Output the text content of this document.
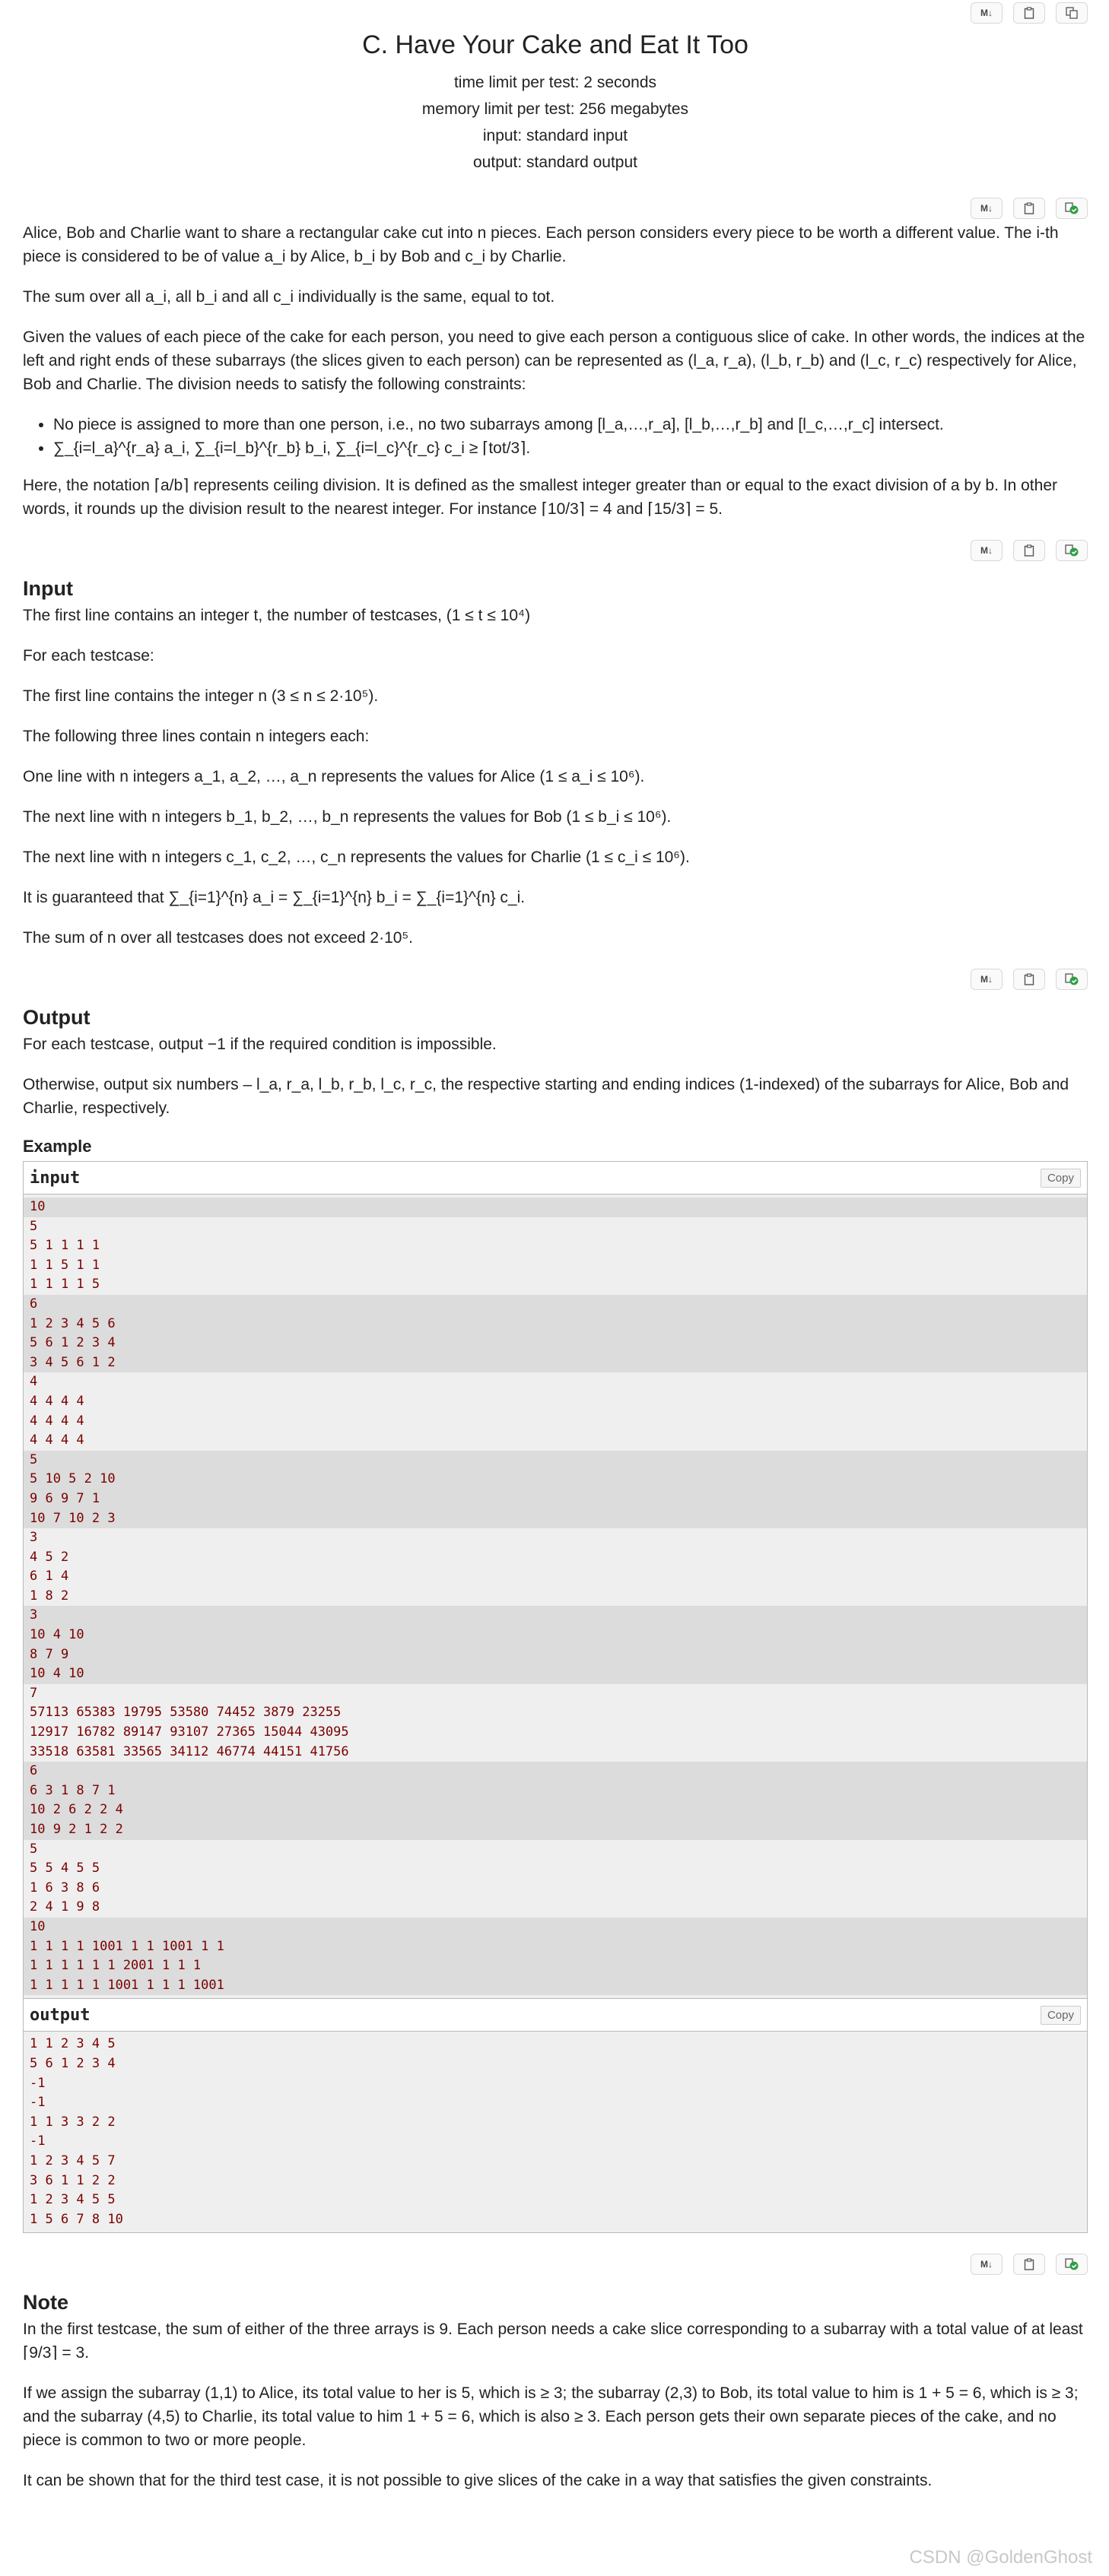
M↓
C. Have Your Cake and Eat It Too
time limit per test: 2 seconds
memory limit per test: 256 megabytes
input: standard input
output: standard output
M↓

Alice, Bob and Charlie want to share a rectangular cake cut into n pieces. Each person considers every piece to be worth a different value. The i-th piece is considered to be of value a_i by Alice, b_i by Bob and c_i by Charlie.

The sum over all a_i, all b_i and all c_i individually is the same, equal to tot.

Given the values of each piece of the cake for each person, you need to give each person a contiguous slice of cake. In other words, the indices at the left and right ends of these subarrays (the slices given to each person) can be represented as (l_a, r_a), (l_b, r_b) and (l_c, r_c) respectively for Alice, Bob and Charlie. The division needs to satisfy the following constraints:

• No piece is assigned to more than one person, i.e., no two subarrays among [l_a,…,r_a], [l_b,…,r_b] and [l_c,…,r_c] intersect.
• ∑_{i=l_a}^{r_a} a_i, ∑_{i=l_b}^{r_b} b_i, ∑_{i=l_c}^{r_c} c_i ≥ ⌈tot/3⌉.

Here, the notation ⌈a/b⌉ represents ceiling division. It is defined as the smallest integer greater than or equal to the exact division of a by b. In other words, it rounds up the division result to the nearest integer. For instance ⌈10/3⌉ = 4 and ⌈15/3⌉ = 5.

M↓
Input

The first line contains an integer t, the number of testcases, (1 ≤ t ≤ 10⁴)

For each testcase:

The first line contains the integer n (3 ≤ n ≤ 2·10⁵).

The following three lines contain n integers each:

One line with n integers a_1, a_2, …, a_n represents the values for Alice (1 ≤ a_i ≤ 10⁶).

The next line with n integers b_1, b_2, …, b_n represents the values for Bob (1 ≤ b_i ≤ 10⁶).

The next line with n integers c_1, c_2, …, c_n represents the values for Charlie (1 ≤ c_i ≤ 10⁶).

It is guaranteed that ∑_{i=1}^{n} a_i = ∑_{i=1}^{n} b_i = ∑_{i=1}^{n} c_i.

The sum of n over all testcases does not exceed 2·10⁵.

M↓
Output

For each testcase, output −1 if the required condition is impossible.

Otherwise, output six numbers – l_a, r_a, l_b, r_b, l_c, r_c, the respective starting and ending indices (1-indexed) of the subarrays for Alice, Bob and Charlie, respectively.

Example
input	Copy
10
5
5 1 1 1 1
1 1 5 1 1
1 1 1 1 5
6
1 2 3 4 5 6
5 6 1 2 3 4
3 4 5 6 1 2
4
4 4 4 4
4 4 4 4
4 4 4 4
5
5 10 5 2 10
9 6 9 7 1
10 7 10 2 3
3
4 5 2
6 1 4
1 8 2
3
10 4 10
8 7 9
10 4 10
7
57113 65383 19795 53580 74452 3879 23255
12917 16782 89147 93107 27365 15044 43095
33518 63581 33565 34112 46774 44151 41756
6
6 3 1 8 7 1
10 2 6 2 2 4
10 9 2 1 2 2
5
5 5 4 5 5
1 6 3 8 6
2 4 1 9 8
10
1 1 1 1 1001 1 1 1001 1 1
1 1 1 1 1 1 2001 1 1 1
1 1 1 1 1 1001 1 1 1 1001
output	Copy
1 1 2 3 4 5
5 6 1 2 3 4
-1
-1
1 1 3 3 2 2
-1
1 2 3 4 5 7
3 6 1 1 2 2
1 2 3 4 5 5
1 5 6 7 8 10
M↓
Note

In the first testcase, the sum of either of the three arrays is 9. Each person needs a cake slice corresponding to a subarray with a total value of at least ⌈9/3⌉ = 3.

If we assign the subarray (1,1) to Alice, its total value to her is 5, which is ≥ 3; the subarray (2,3) to Bob, its total value to him is 1 + 5 = 6, which is ≥ 3; and the subarray (4,5) to Charlie, its total value to him 1 + 5 = 6, which is also ≥ 3. Each person gets their own separate pieces of the cake, and no piece is common to two or more people.

It can be shown that for the third test case, it is not possible to give slices of the cake in a way that satisfies the given constraints.

CSDN @GoldenGhost
